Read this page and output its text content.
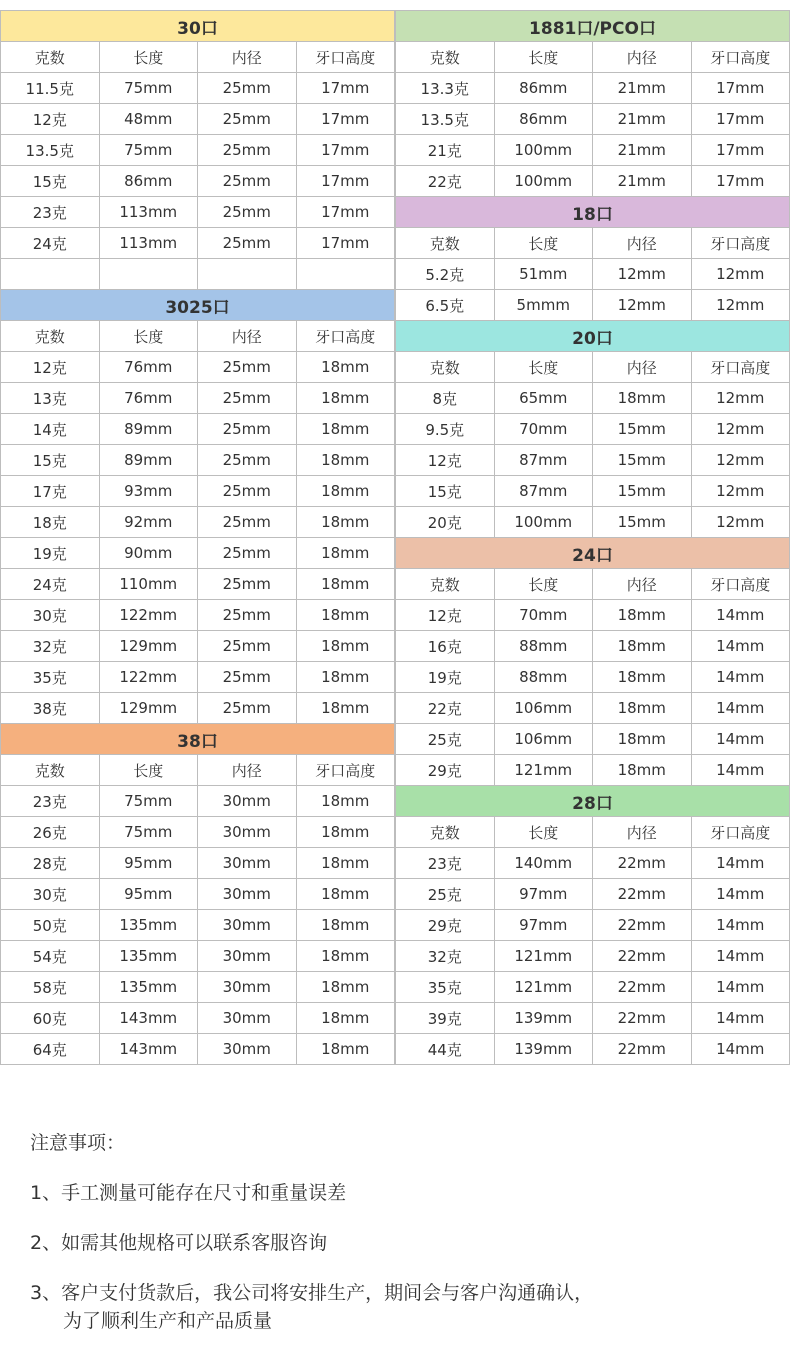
30口			
克数	长度	内径	牙口高度
11.5克	75mm	25mm	17mm
12克	48mm	25mm	17mm
13.5克	75mm	25mm	17mm
15克	86mm	25mm	17mm
23克	113mm	25mm	17mm
24克	113mm	25mm	17mm

3025口			
克数	长度	内径	牙口高度
12克	76mm	25mm	18mm
13克	76mm	25mm	18mm
14克	89mm	25mm	18mm
15克	89mm	25mm	18mm
17克	93mm	25mm	18mm
18克	92mm	25mm	18mm
19克	90mm	25mm	18mm
24克	110mm	25mm	18mm
30克	122mm	25mm	18mm
32克	129mm	25mm	18mm
35克	122mm	25mm	18mm
38克	129mm	25mm	18mm
38口			
克数	长度	内径	牙口高度
23克	75mm	30mm	18mm
26克	75mm	30mm	18mm
28克	95mm	30mm	18mm
30克	95mm	30mm	18mm
50克	135mm	30mm	18mm
54克	135mm	30mm	18mm
58克	135mm	30mm	18mm
60克	143mm	30mm	18mm
64克	143mm	30mm	18mm
1881口/PCO口			
克数	长度	内径	牙口高度
13.3克	86mm	21mm	17mm
13.5克	86mm	21mm	17mm
21克	100mm	21mm	17mm
22克	100mm	21mm	17mm
18口			
克数	长度	内径	牙口高度
5.2克	51mm	12mm	12mm
6.5克	5mmm	12mm	12mm
20口			
克数	长度	内径	牙口高度
8克	65mm	18mm	12mm
9.5克	70mm	15mm	12mm
12克	87mm	15mm	12mm
15克	87mm	15mm	12mm
20克	100mm	15mm	12mm
24口			
克数	长度	内径	牙口高度
12克	70mm	18mm	14mm
16克	88mm	18mm	14mm
19克	88mm	18mm	14mm
22克	106mm	18mm	14mm
25克	106mm	18mm	14mm
29克	121mm	18mm	14mm
28口			
克数	长度	内径	牙口高度
23克	140mm	22mm	14mm
25克	97mm	22mm	14mm
29克	97mm	22mm	14mm
32克	121mm	22mm	14mm
35克	121mm	22mm	14mm
39克	139mm	22mm	14mm
44克	139mm	22mm	14mm
注意事项：
1、手工测量可能存在尺寸和重量误差
2、如需其他规格可以联系客服咨询
3、客户支付货款后，我公司将安排生产，期间会与客户沟通确认，
为了顺利生产和产品质量
